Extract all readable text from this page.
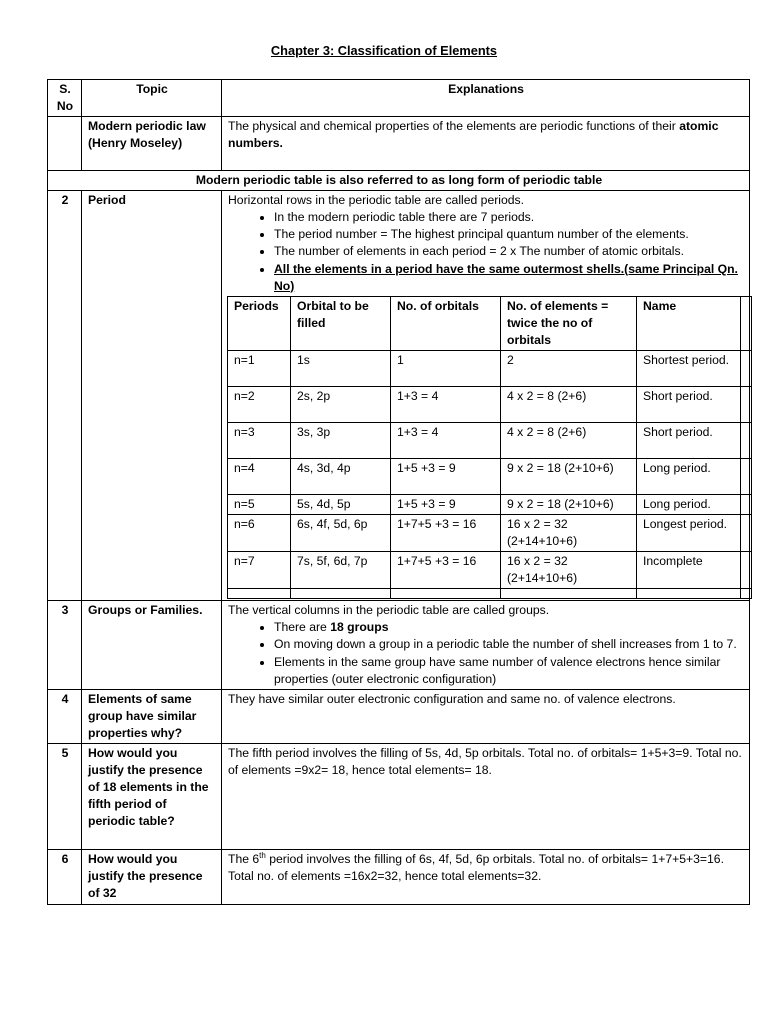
Chapter 3: Classification of Elements
S. No	Topic	Explanations
	Modern periodic law (Henry Moseley)	The physical and chemical properties of the elements are periodic functions of their atomic numbers.
Modern periodic table is also referred to as long form of periodic table
2	Period	Horizontal rows in the periodic table are called periods.
• In the modern periodic table there are 7 periods.
• The period number = The highest principal quantum number of the elements.
• The number of elements in each period = 2 x The number of atomic orbitals.
• All the elements in a period have the same outermost shells.(same Principal Qn. No)
Periods	Orbital to be filled	No. of orbitals	No. of elements = twice the no of orbitals	Name	
n=1	1s	1	2	Shortest period.	
n=2	2s, 2p	1+3 = 4	4 x 2 = 8 (2+6)	Short period.	
n=3	3s, 3p	1+3 = 4	4 x 2 = 8 (2+6)	Short period.	
n=4	4s, 3d, 4p	1+5 +3 = 9	9 x 2 = 18 (2+10+6)	Long period.	
n=5	5s, 4d, 5p	1+5 +3 = 9	9 x 2 = 18 (2+10+6)	Long period.	
n=6	6s, 4f, 5d, 6p	1+7+5 +3 = 16	16 x 2 = 32 (2+14+10+6)	Longest period.	
n=7	7s, 5f, 6d, 7p	1+7+5 +3 = 16	16 x 2 = 32 (2+14+10+6)	Incomplete	

3	Groups or Families.	The vertical columns in the periodic table are called groups.
• There are 18 groups
• On moving down a group in a periodic table the number of shell increases from 1 to 7.
• Elements in the same group have same number of valence electrons hence similar properties (outer electronic configuration)

4	Elements of same group have similar properties why?	They have similar outer electronic configuration and same no. of valence electrons.
5	How would you justify the presence of 18 elements in the fifth period of periodic table?	The fifth period involves the filling of 5s, 4d, 5p orbitals. Total no. of orbitals= 1+5+3=9. Total no. of elements =9x2= 18, hence total elements= 18.
6	How would you justify the presence of 32	The 6th period involves the filling of 6s, 4f, 5d, 6p orbitals. Total no. of orbitals= 1+7+5+3=16. Total no. of elements =16x2=32, hence total elements=32.
